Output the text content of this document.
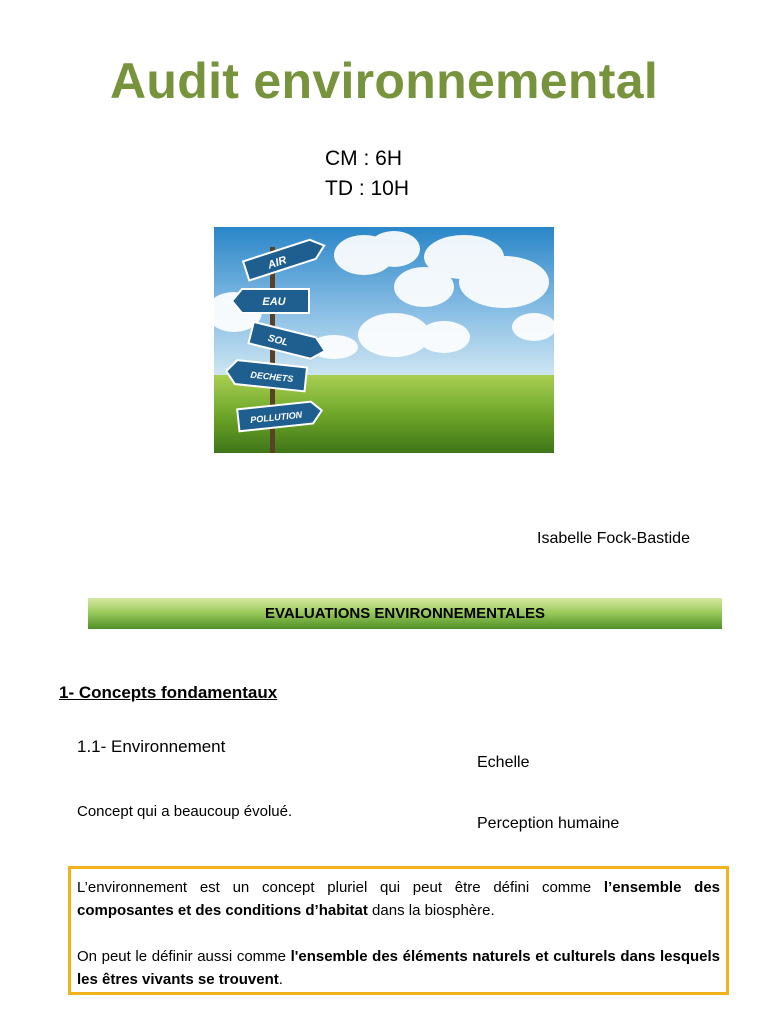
Audit environnemental
CM : 6H
TD : 10H
AIR
EAU
SOL
DECHETS
POLLUTION
Isabelle Fock-Bastide
EVALUATIONS ENVIRONNEMENTALES
1- Concepts fondamentaux
1.1- Environnement
Echelle
Concept qui a beaucoup évolué.
Perception humaine

L’environnement est un concept pluriel qui peut être défini comme l’ensemble des composantes et des conditions d’habitat dans la biosphère.

On peut le définir aussi comme l'ensemble des éléments naturels et culturels dans lesquels les êtres vivants se trouvent.
